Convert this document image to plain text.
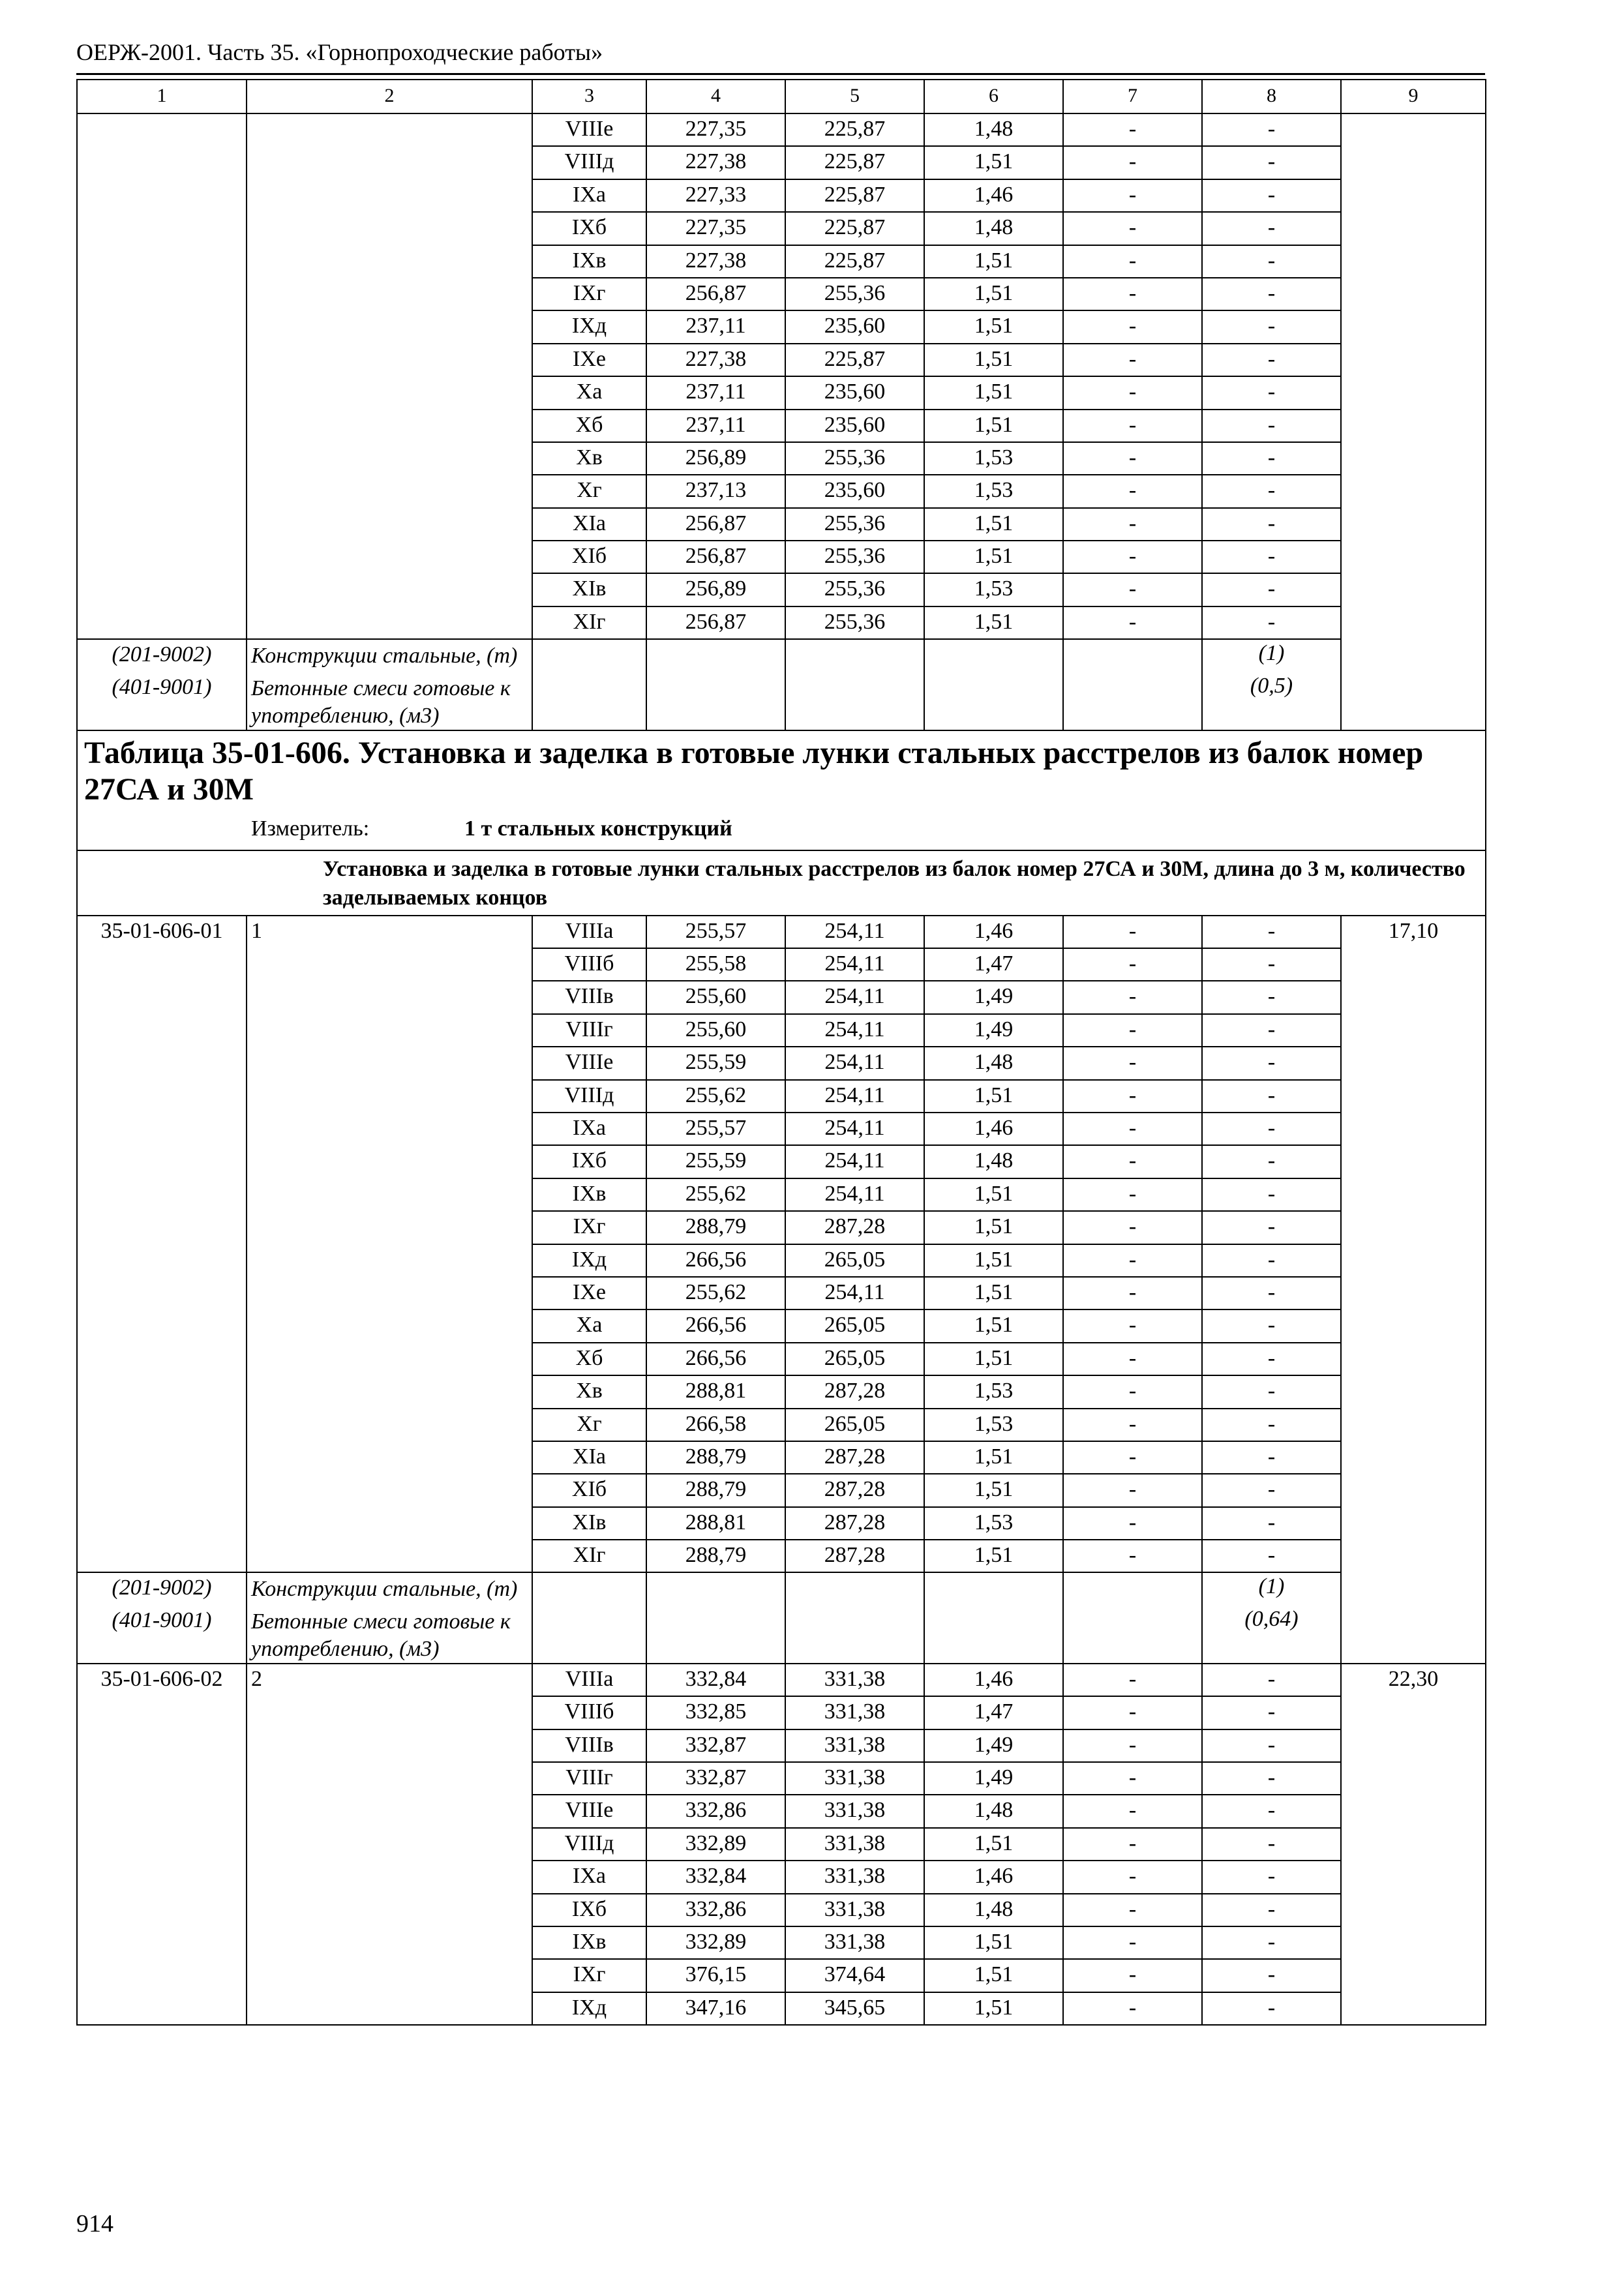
ОЕРЖ-2001. Часть 35. «Горнопроходческие работы»
1	2	3	4	5	6	7	8	9
		VIIIе	227,35	225,87	1,48	-	-	
		VIIIд	227,38	225,87	1,51	-	-	
		IXа	227,33	225,87	1,46	-	-	
		IXб	227,35	225,87	1,48	-	-	
		IXв	227,38	225,87	1,51	-	-	
		IXг	256,87	255,36	1,51	-	-	
		IXд	237,11	235,60	1,51	-	-	
		IXе	227,38	225,87	1,51	-	-	
		Xа	237,11	235,60	1,51	-	-	
		Xб	237,11	235,60	1,51	-	-	
		Xв	256,89	255,36	1,53	-	-	
		Xг	237,13	235,60	1,53	-	-	
		XIа	256,87	255,36	1,51	-	-	
		XIб	256,87	255,36	1,51	-	-	
		XIв	256,89	255,36	1,53	-	-	
		XIг	256,87	255,36	1,51	-	-	
(201-9002)	Конструкции стальные, (т)						(1)	
(401-9001)	Бетонные смеси готовые к употреблению, (м3)						(0,5)	

Таблица 35-01-606. Установка и заделка в готовые лунки стальных расстрелов из балок номер 27СА и 30М
Измеритель: 1 т стальных конструкций								

Установка и заделка в готовые лунки стальных расстрелов из балок номер 27СА и 30М, длина до 3 м, количество заделываемых концов								
35-01-606-01	1	VIIIа	255,57	254,11	1,46	-	-	17,10
		VIIIб	255,58	254,11	1,47	-	-	
		VIIIв	255,60	254,11	1,49	-	-	
		VIIIг	255,60	254,11	1,49	-	-	
		VIIIе	255,59	254,11	1,48	-	-	
		VIIIд	255,62	254,11	1,51	-	-	
		IXа	255,57	254,11	1,46	-	-	
		IXб	255,59	254,11	1,48	-	-	
		IXв	255,62	254,11	1,51	-	-	
		IXг	288,79	287,28	1,51	-	-	
		IXд	266,56	265,05	1,51	-	-	
		IXе	255,62	254,11	1,51	-	-	
		Xа	266,56	265,05	1,51	-	-	
		Xб	266,56	265,05	1,51	-	-	
		Xв	288,81	287,28	1,53	-	-	
		Xг	266,58	265,05	1,53	-	-	
		XIа	288,79	287,28	1,51	-	-	
		XIб	288,79	287,28	1,51	-	-	
		XIв	288,81	287,28	1,53	-	-	
		XIг	288,79	287,28	1,51	-	-	
(201-9002)	Конструкции стальные, (т)						(1)	
(401-9001)	Бетонные смеси готовые к употреблению, (м3)						(0,64)	
35-01-606-02	2	VIIIа	332,84	331,38	1,46	-	-	22,30
		VIIIб	332,85	331,38	1,47	-	-	
		VIIIв	332,87	331,38	1,49	-	-	
		VIIIг	332,87	331,38	1,49	-	-	
		VIIIе	332,86	331,38	1,48	-	-	
		VIIIд	332,89	331,38	1,51	-	-	
		IXа	332,84	331,38	1,46	-	-	
		IXб	332,86	331,38	1,48	-	-	
		IXв	332,89	331,38	1,51	-	-	
		IXг	376,15	374,64	1,51	-	-	
		IXд	347,16	345,65	1,51	-	-	
914
